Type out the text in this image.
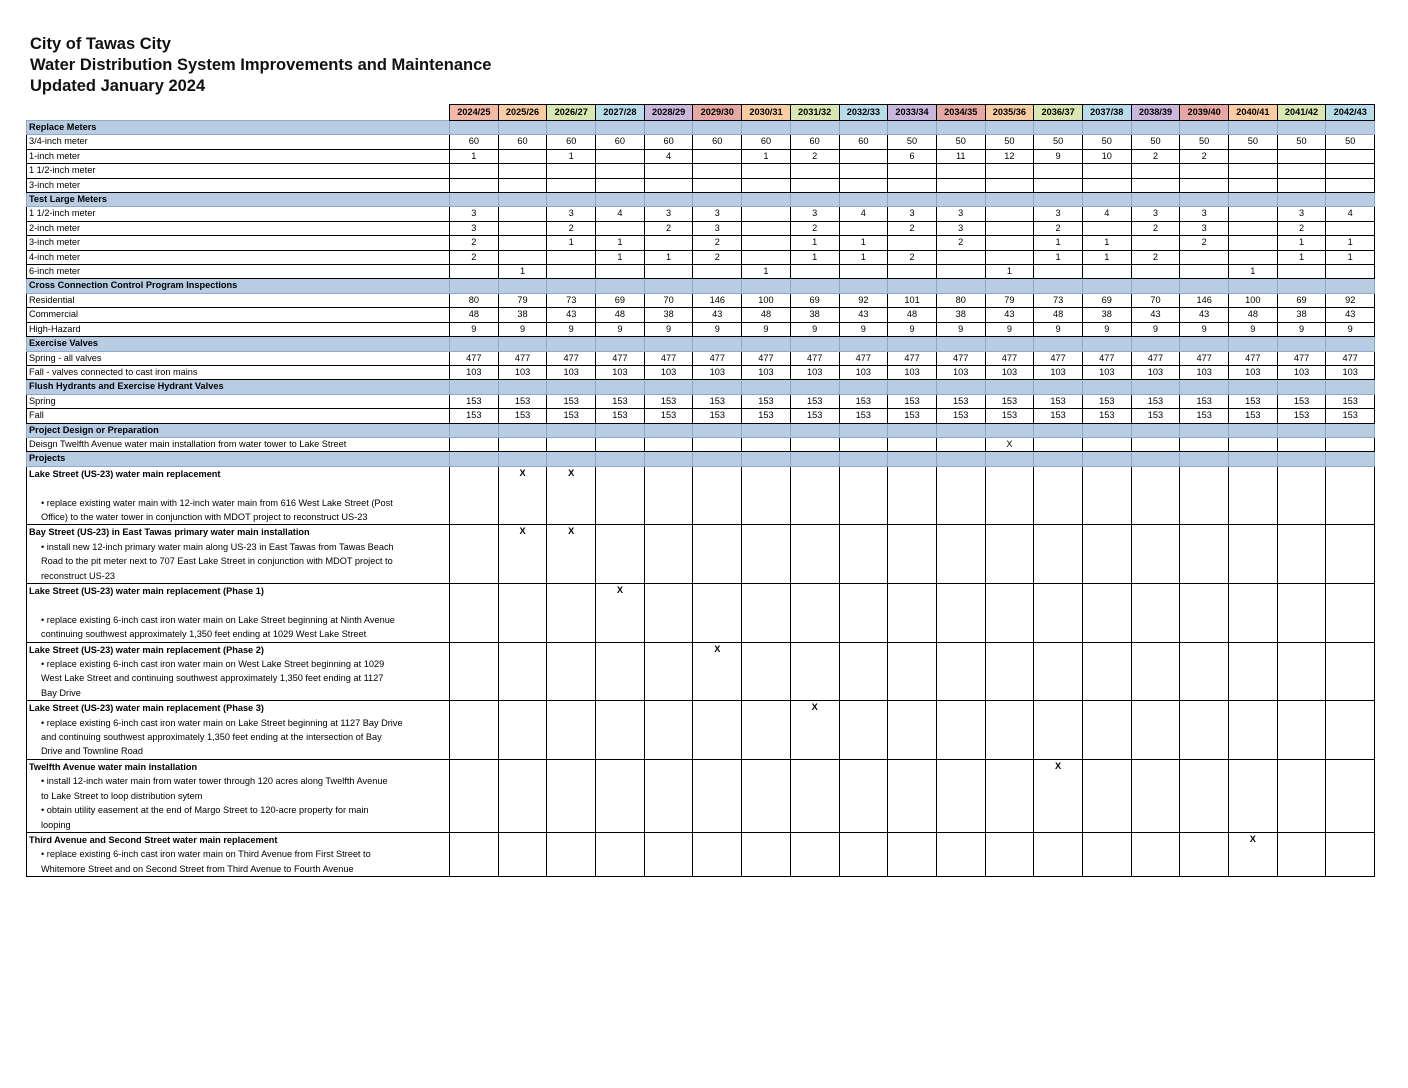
City of Tawas City
Water Distribution System Improvements and Maintenance
Updated January 2024
	2024/25	2025/26	2026/27	2027/28	2028/29	2029/30	2030/31	2031/32	2032/33	2033/34	2034/35	2035/36	2036/37	2037/38	2038/39	2039/40	2040/41	2041/42	2042/43
Replace Meters																			
3/4-inch meter	60	60	60	60	60	60	60	60	60	50	50	50	50	50	50	50	50	50	50
1-inch meter	1		1		4		1	2		6	11	12	9	10	2	2			
1 1/2-inch meter																			
3-inch meter																			
Test Large Meters																			
1 1/2-inch meter	3		3	4	3	3		3	4	3	3		3	4	3	3		3	4
2-inch meter	3		2		2	3		2		2	3		2		2	3		2	
3-inch meter	2		1	1		2		1	1		2		1	1		2		1	1
4-inch meter	2			1	1	2		1	1	2			1	1	2			1	1
6-inch meter		1					1					1					1		
Cross Connection Control Program Inspections																			
Residential	80	79	73	69	70	146	100	69	92	101	80	79	73	69	70	146	100	69	92
Commercial	48	38	43	48	38	43	48	38	43	48	38	43	48	38	43	43	48	38	43
High-Hazard	9	9	9	9	9	9	9	9	9	9	9	9	9	9	9	9	9	9	9
Exercise Valves																			
Spring - all valves	477	477	477	477	477	477	477	477	477	477	477	477	477	477	477	477	477	477	477
Fall - valves connected to cast iron mains	103	103	103	103	103	103	103	103	103	103	103	103	103	103	103	103	103	103	103
Flush Hydrants and Exercise Hydrant Valves																			
Spring	153	153	153	153	153	153	153	153	153	153	153	153	153	153	153	153	153	153	153
Fall	153	153	153	153	153	153	153	153	153	153	153	153	153	153	153	153	153	153	153
Project Design or Preparation																			
Deisgn Twelfth Avenue water main installation from water tower to Lake Street												X							
Projects																			

Lake Street (US-23) water main replacement

• replace existing water main with 12-inch water main from 616 West Lake Street (Post
Office) to the water tower in conjunction with MDOT project to reconstruct US-23		X	X																

Bay Street (US-23) in East Tawas primary water main installation
• install new 12-inch primary water main along US-23 in East Tawas from Tawas Beach
Road to the pit meter next to 707 East Lake Street in conjunction with MDOT project to
reconstruct US-23		X	X																

Lake Street (US-23) water main replacement (Phase 1)

• replace existing 6-inch cast iron water main on Lake Street beginning at Ninth Avenue
continuing southwest approximately 1,350 feet ending at 1029 West Lake Street				X															

Lake Street (US-23) water main replacement (Phase 2)
• replace existing 6-inch cast iron water main on West Lake Street beginning at 1029
West Lake Street and continuing southwest approximately 1,350 feet ending at 1127
Bay Drive						X													

Lake Street (US-23) water main replacement (Phase 3)
• replace existing 6-inch cast iron water main on Lake Street beginning at 1127 Bay Drive
and continuing southwest approximately 1,350 feet ending at the intersection of Bay
Drive and Townline Road								X											

Twelfth Avenue water main installation
• install 12-inch water main from water tower through 120 acres along Twelfth Avenue
to Lake Street to loop distribution sytem
• obtain utility easement at the end of Margo Street to 120-acre property for main
looping													X						

Third Avenue and Second Street water main replacement
• replace existing 6-inch cast iron water main on Third Avenue from First Street to
Whitemore Street and on Second Street from Third Avenue to Fourth Avenue																	X		
